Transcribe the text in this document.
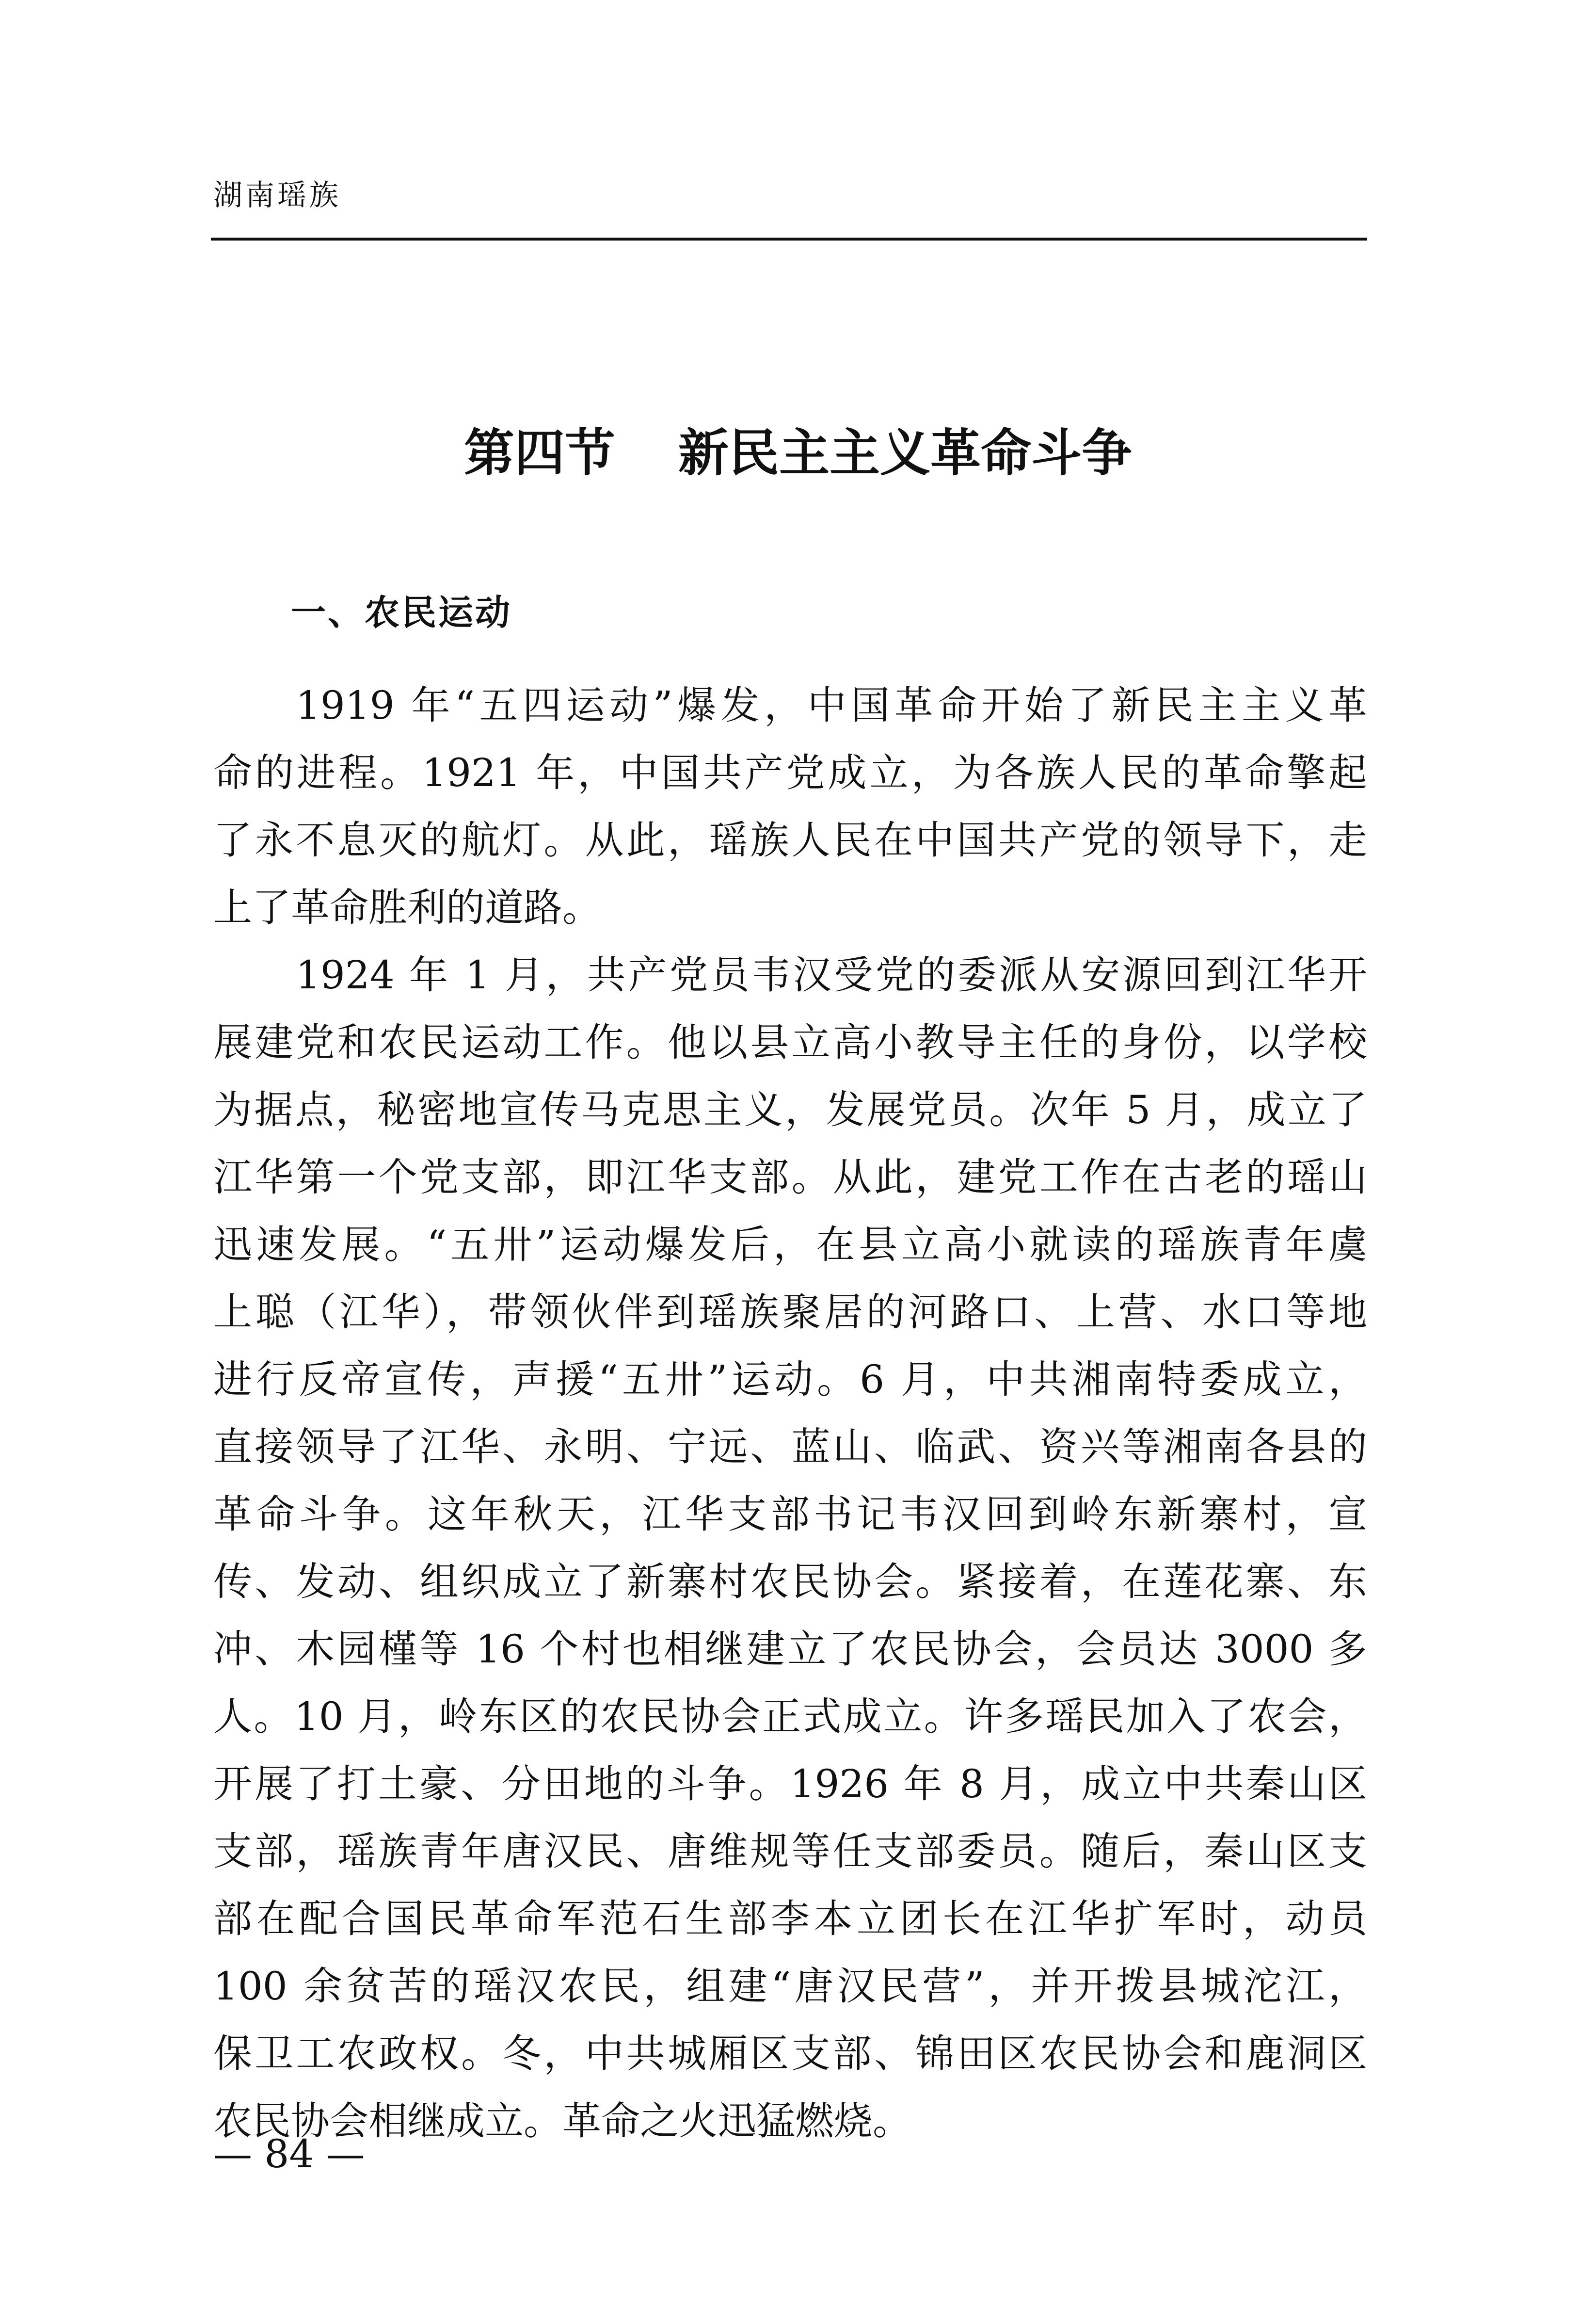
湖南瑶族
第四节 新民主主义革命斗争
一、农民运动
1919 年“五四运动”爆发，中国革命开始了新民主主义革
命的进程。1921 年，中国共产党成立，为各族人民的革命擎起
了永不息灭的航灯。从此，瑶族人民在中国共产党的领导下，走
上了革命胜利的道路。
1924 年 1 月，共产党员韦汉受党的委派从安源回到江华开
展建党和农民运动工作。他以县立高小教导主任的身份，以学校
为据点，秘密地宣传马克思主义，发展党员。次年 5 月，成立了
江华第一个党支部，即江华支部。从此，建党工作在古老的瑶山
迅速发展。“五卅”运动爆发后，在县立高小就读的瑶族青年虞
上聪（江华），带领伙伴到瑶族聚居的河路口、上营、水口等地
进行反帝宣传，声援“五卅”运动。6 月，中共湘南特委成立，
直接领导了江华、永明、宁远、蓝山、临武、资兴等湘南各县的
革命斗争。这年秋天，江华支部书记韦汉回到岭东新寨村，宣
传、发动、组织成立了新寨村农民协会。紧接着，在莲花寨、东
冲、木园槿等 16 个村也相继建立了农民协会，会员达 3000 多
人。10 月，岭东区的农民协会正式成立。许多瑶民加入了农会，
开展了打土豪、分田地的斗争。1926 年 8 月，成立中共秦山区
支部，瑶族青年唐汉民、唐维规等任支部委员。随后，秦山区支
部在配合国民革命军范石生部李本立团长在江华扩军时，动员
100 余贫苦的瑶汉农民，组建“唐汉民营”，并开拨县城沱江，
保卫工农政权。冬，中共城厢区支部、锦田区农民协会和鹿洞区
农民协会相继成立。革命之火迅猛燃烧。
— 84 —
